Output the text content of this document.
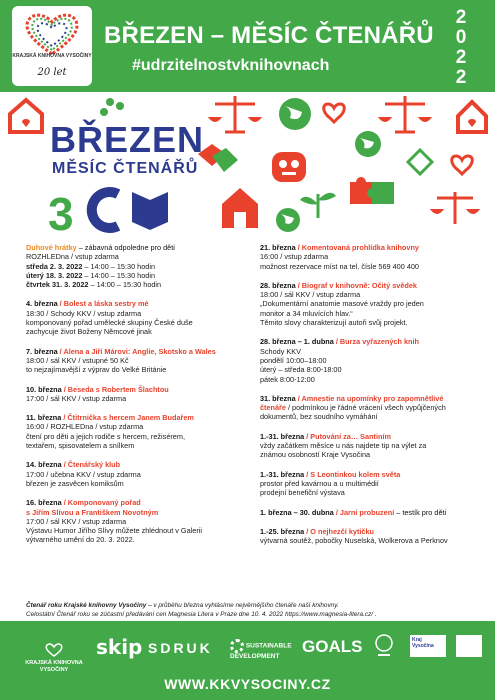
KRAJSKÁ KNIHOVNA VYSOČINY
20 let
BŘEZEN – MĚSÍC ČTENÁŘŮ
#udrzitelnostvknihovnach
2
0
2
2
3
BŘEZEN
MĚSÍC ČTENÁŘŮ
Duhové hrátky – zábavná odpoledne pro děti
ROZHLEDna / vstup zdarma
středa 2. 3. 2022 – 14:00 – 15:30 hodin
úterý 18. 3. 2022 – 14:00 – 15:30 hodin
čtvrtek 31. 3. 2022 – 14:00 – 15:30 hodin
4. března / Bolest a láska sestry mé
18:30 / Schody KKV / vstup zdarma
komponovaný pořad umělecké skupiny České duše
zachycuje život Boženy Němcové jinak
7. března / Alena a Jiří Márovi: Anglie, Skotsko a Wales
18:00 / sál KKV / vstupné 50 Kč
to nejzajímavější z výprav do Velké Británie
10. března / Beseda s Robertem Šlachtou
17:00 / sál KKV / vstup zdarma
11. března / Čtitrnička s hercem Janem Budařem
16:00 / ROZHLEDna / vstup zdarma
čtení pro děti a jejich rodiče s hercem, režisérem,
textařem, spisovatelem a snílkem
14. března / Čtenářský klub
17:00 / učebna KKV / vstup zdarma
březen je zasvěcen komiksům
16. března / Komponovaný pořad
s Jiřím Slívou a Františkem Novotným
17:00 / sál KKV / vstup zdarma
Výstavu Humor Jiřího Slívy můžete zhlédnout v Galerii
výtvarného umění do 20. 3. 2022.
21. března / Komentovaná prohlídka knihovny
16:00 / vstup zdarma
možnost rezervace míst na tel. čísle 569 400 400
28. března / Biograf v knihovně: Očitý svědek
18:00 / sál KKV / vstup zdarma
„Dokumentární anatomie masové vraždy pro jeden
monitor a 34 mluvících hlav.“
Těmito slovy charakterizují autoři svůj projekt.
28. března – 1. dubna / Burza vyřazených knih
Schody KKV
pondělí 10:00–18:00
úterý – středa 8:00-18:00
pátek 8:00-12:00
31. března / Amnestie na upomínky pro zapomnětlivé
čtenáře / podmínkou je řádné vrácení všech vypůjčených
dokumentů, bez soudního vymáhání
1.-31. března / Putování za… Santiním
vždy začátkem měsíce u nás najdete tip na výlet za
známou osobností Kraje Vysočina
1.-31. března / S Leontinkou kolem světa
prostor před kavárnou a u multimédií
prodejní benefiční výstava
1. března – 30. dubna / Jarní probuzení – testík pro děti
1.-25. března / O nejhezčí kytičku
výtvarná soutěž, pobočky Nuselská, Wolkerova a Perknov
Čtenář roku Krajské knihovny Vysočiny – v průběhu března vyhlásíme nejvěrnějšího čtenáře naší knihovny.
Celostátní Čtenář roku se zúčastní předávání cen Magnesia Litera v Praze dne 10. 4. 2022 https://www.magnesia-litera.cz/ .

KRAJSKÁ KNIHOVNA VYSOČINY
skip SDRUK	SUSTAINABLE DEVELOPMENT
GOALS	Kraj Vysočina
WWW.KKVYSOCINY.CZ
